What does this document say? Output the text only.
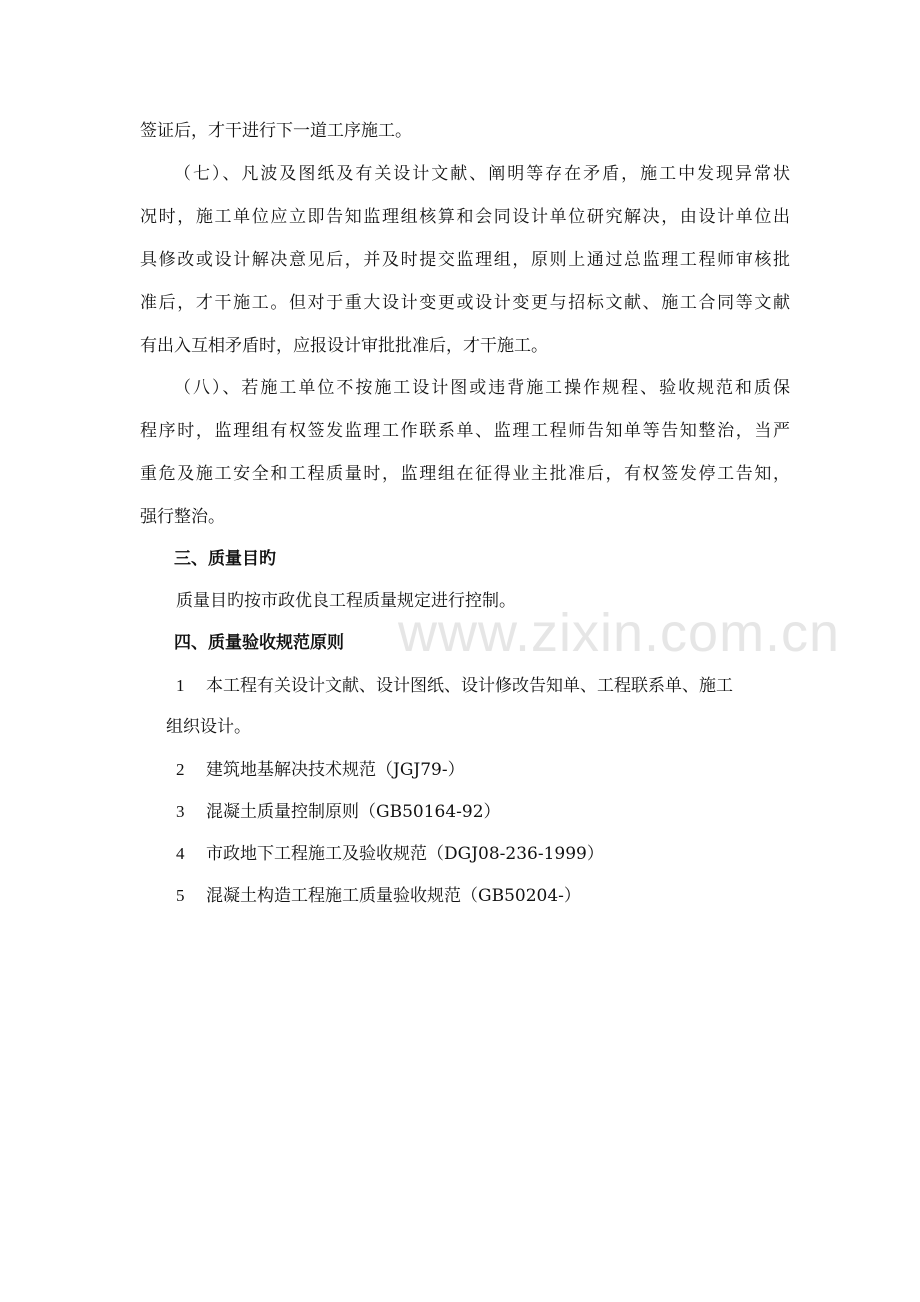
www.zixin.com.cn
签证后，才干进行下一道工序施工。
（七）、凡波及图纸及有关设计文献、阐明等存在矛盾，施工中发现异常状
况时，施工单位应立即告知监理组核算和会同设计单位研究解决，由设计单位出
具修改或设计解决意见后，并及时提交监理组，原则上通过总监理工程师审核批
准后，才干施工。但对于重大设计变更或设计变更与招标文献、施工合同等文献
有出入互相矛盾时，应报设计审批批准后，才干施工。
（八）、若施工单位不按施工设计图或违背施工操作规程、验收规范和质保
程序时，监理组有权签发监理工作联系单、监理工程师告知单等告知整治，当严
重危及施工安全和工程质量时，监理组在征得业主批准后，有权签发停工告知，
强行整治。
三、质量目旳
质量目旳按市政优良工程质量规定进行控制。
四、质量验收规范原则
1 本工程有关设计文献、设计图纸、设计修改告知单、工程联系单、施工
组织设计。
2 建筑地基解决技术规范（JGJ79-）
3 混凝土质量控制原则（GB50164-92）
4 市政地下工程施工及验收规范（DGJ08-236-1999）
5 混凝土构造工程施工质量验收规范（GB50204-）
